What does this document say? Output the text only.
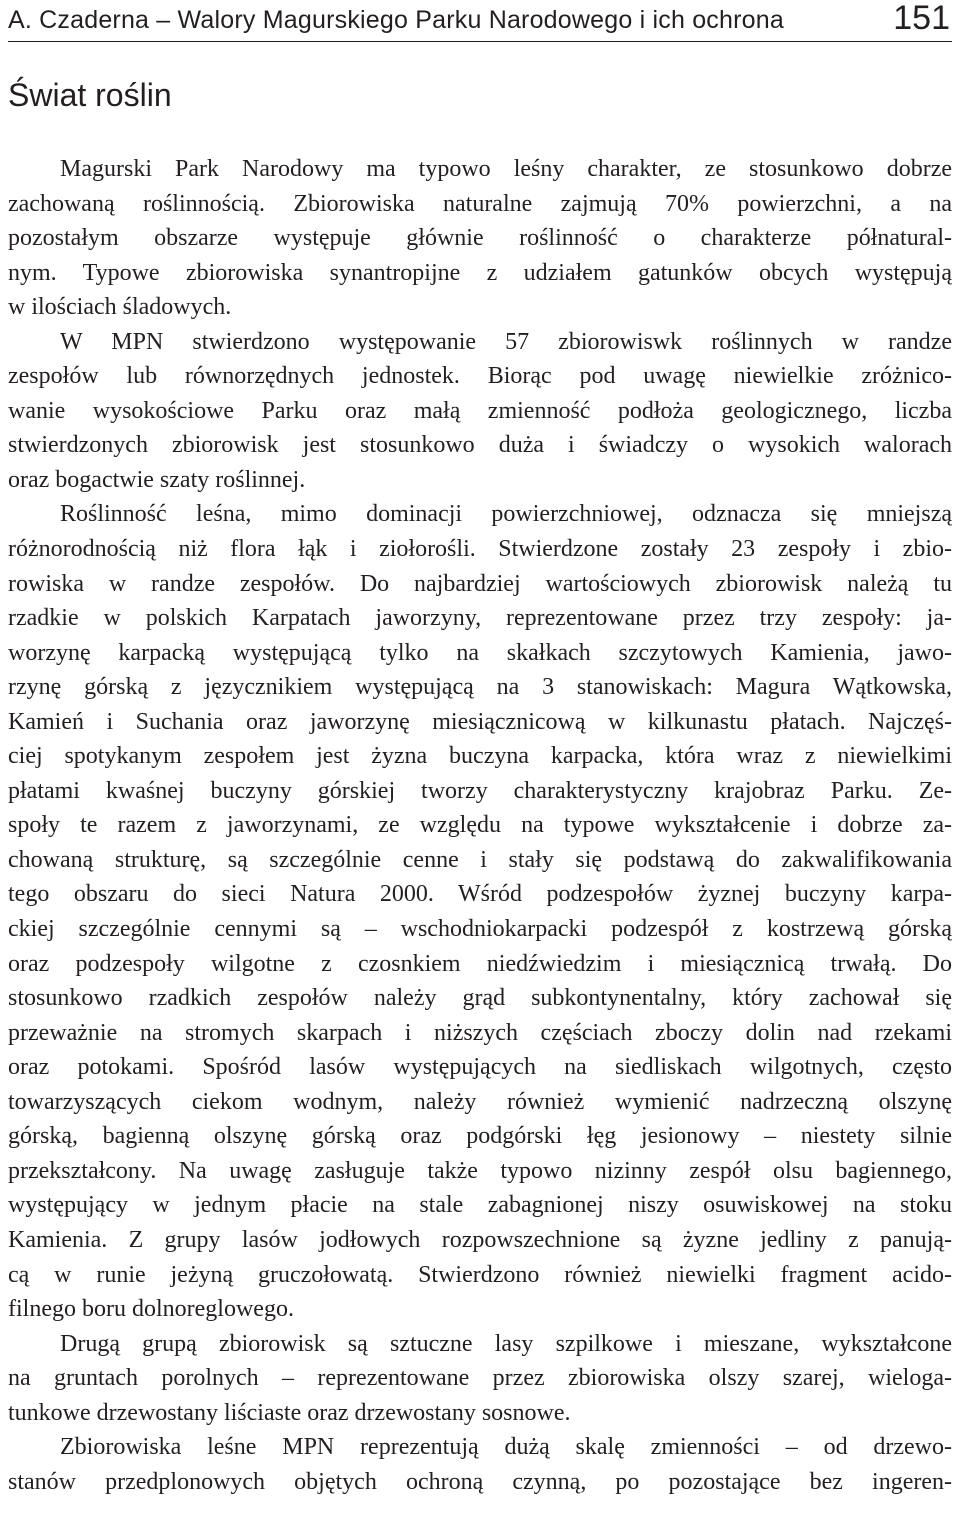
A. Czaderna – Walory Magurskiego Parku Narodowego i ich ochrona	151
Świat roślin
Magurski Park Narodowy ma typowo leśny charakter, ze stosunkowo dobrze
zachowaną roślinnością. Zbiorowiska naturalne zajmują 70% powierzchni, a na
pozostałym obszarze występuje głównie roślinność o charakterze półnatural-
nym. Typowe zbiorowiska synantropijne z udziałem gatunków obcych występują
w ilościach śladowych.
W MPN stwierdzono występowanie 57 zbiorowiswk roślinnych w randze
zespołów lub równorzędnych jednostek. Biorąc pod uwagę niewielkie zróżnico-
wanie wysokościowe Parku oraz małą zmienność podłoża geologicznego, liczba
stwierdzonych zbiorowisk jest stosunkowo duża i świadczy o wysokich walorach
oraz bogactwie szaty roślinnej.
Roślinność leśna, mimo dominacji powierzchniowej, odznacza się mniejszą
różnorodnością niż flora łąk i ziołorośli. Stwierdzone zostały 23 zespoły i zbio-
rowiska w randze zespołów. Do najbardziej wartościowych zbiorowisk należą tu
rzadkie w polskich Karpatach jaworzyny, reprezentowane przez trzy zespoły: ja-
worzynę karpacką występującą tylko na skałkach szczytowych Kamienia, jawo-
rzynę górską z języcznikiem występującą na 3 stanowiskach: Magura Wątkowska,
Kamień i Suchania oraz jaworzynę miesiącznicową w kilkunastu płatach. Najczęś-
ciej spotykanym zespołem jest żyzna buczyna karpacka, która wraz z niewielkimi
płatami kwaśnej buczyny górskiej tworzy charakterystyczny krajobraz Parku. Ze-
społy te razem z jaworzynami, ze względu na typowe wykształcenie i dobrze za-
chowaną strukturę, są szczególnie cenne i stały się podstawą do zakwalifikowania
tego obszaru do sieci Natura 2000. Wśród podzespołów żyznej buczyny karpa-
ckiej szczególnie cennymi są – wschodniokarpacki podzespół z kostrzewą górską
oraz podzespoły wilgotne z czosnkiem niedźwiedzim i miesiącznicą trwałą. Do
stosunkowo rzadkich zespołów należy grąd subkontynentalny, który zachował się
przeważnie na stromych skarpach i niższych częściach zboczy dolin nad rzekami
oraz potokami. Spośród lasów występujących na siedliskach wilgotnych, często
towarzyszących ciekom wodnym, należy również wymienić nadrzeczną olszynę
górską, bagienną olszynę górską oraz podgórski łęg jesionowy – niestety silnie
przekształcony. Na uwagę zasługuje także typowo nizinny zespół olsu bagiennego,
występujący w jednym płacie na stale zabagnionej niszy osuwiskowej na stoku
Kamienia. Z grupy lasów jodłowych rozpowszechnione są żyzne jedliny z panują-
cą w runie jeżyną gruczołowatą. Stwierdzono również niewielki fragment acido-
filnego boru dolnoreglowego.
Drugą grupą zbiorowisk są sztuczne lasy szpilkowe i mieszane, wykształcone
na gruntach porolnych – reprezentowane przez zbiorowiska olszy szarej, wieloga-
tunkowe drzewostany liściaste oraz drzewostany sosnowe.
Zbiorowiska leśne MPN reprezentują dużą skalę zmienności – od drzewo-
stanów przedplonowych objętych ochroną czynną, po pozostające bez ingeren-
